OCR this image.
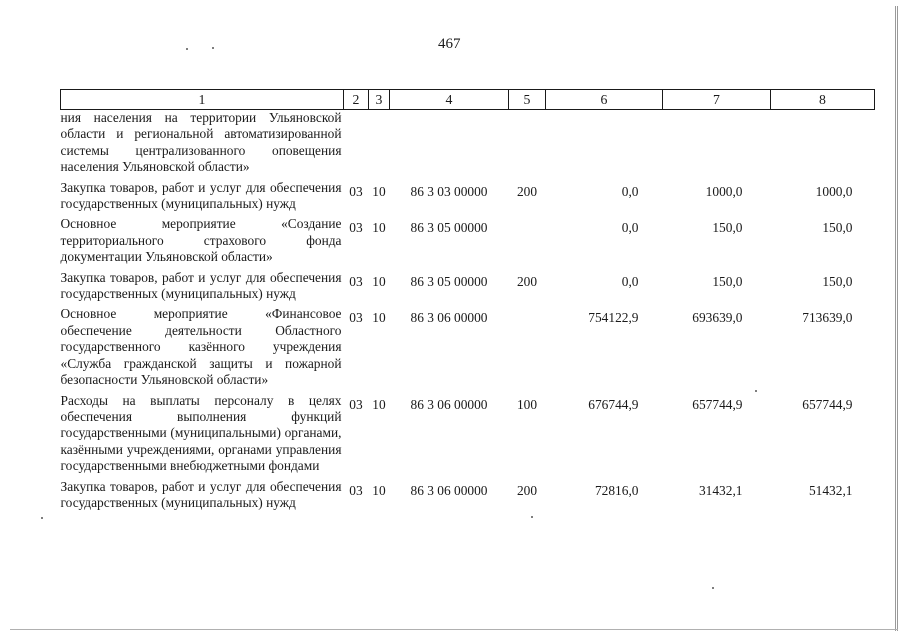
467
1	2	3	4	5	6	7	8
ния населения на территории Ульяновской области и региональной автоматизированной системы централизованного оповещения населения Ульяновской области»							
Закупка товаров, работ и услуг для обеспечения государственных (муниципальных) нужд	03	10	86 3 03 00000	200	0,0	1000,0	1000,0
Основное мероприятие «Создание территориального страхового фонда документации Ульяновской области»	03	10	86 3 05 00000		0,0	150,0	150,0
Закупка товаров, работ и услуг для обеспечения государственных (муниципальных) нужд	03	10	86 3 05 00000	200	0,0	150,0	150,0
Основное мероприятие «Финансовое обеспечение деятельности Областного государственного казённого учреждения «Служба гражданской защиты и пожарной безопасности Ульяновской области»	03	10	86 3 06 00000		754122,9	693639,0	713639,0
Расходы на выплаты персоналу в целях обеспечения выполнения функций государственными (муниципальными) органами, казёнными учреждениями, органами управления государственными внебюджетными фондами	03	10	86 3 06 00000	100	676744,9	657744,9	657744,9
Закупка товаров, работ и услуг для обеспечения государственных (муниципальных) нужд	03	10	86 3 06 00000	200	72816,0	31432,1	51432,1
